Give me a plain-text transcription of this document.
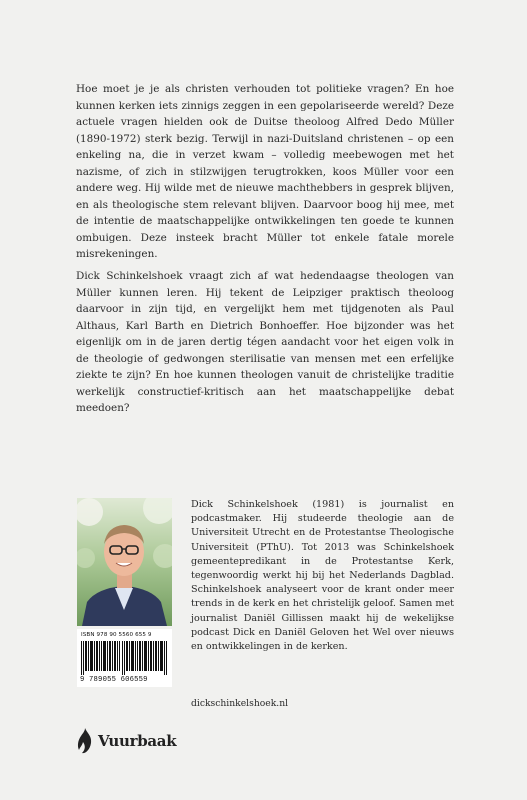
Hoe moet je je als christen verhouden tot politieke vragen? En hoe kunnen kerken iets zinnigs zeggen in een gepolariseerde wereld? Deze actuele vragen hielden ook de Duitse theoloog Alfred Dedo Müller (1890-1972) sterk bezig. Terwijl in nazi-Duitsland christenen – op een enkeling na, die in verzet kwam – volledig meebewogen met het nazisme, of zich in stilzwijgen terugtrokken, koos Müller voor een andere weg. Hij wilde met de nieuwe machthebbers in gesprek blijven, en als theologische stem relevant blijven. Daarvoor boog hij mee, met de intentie de maatschappelijke ontwikkelingen ten goede te kunnen ombuigen. Deze insteek bracht Müller tot enkele fatale morele misrekeningen.

Dick Schinkelshoek vraagt zich af wat hedendaagse theologen van Müller kunnen leren. Hij tekent de Leipziger praktisch theoloog daarvoor in zijn tijd, en vergelijkt hem met tijdgenoten als Paul Althaus, Karl Barth en Dietrich Bonhoeffer. Hoe bijzonder was het eigenlijk om in de jaren dertig tégen aandacht voor het eigen volk in de theologie of gedwongen sterilisatie van mensen met een erfelijke ziekte te zijn? En hoe kunnen theologen vanuit de christelijke traditie werkelijk constructief-kritisch aan het maatschappelijke debat meedoen?

ISBN 978 90 5560 655 9
9 789055 606559

Dick Schinkelshoek (1981) is journalist en podcastmaker. Hij studeerde theologie aan de Universiteit Utrecht en de Protestantse Theologische Universiteit (PThU). Tot 2013 was Schinkelshoek gemeentepredikant in de Protestantse Kerk, tegenwoordig werkt hij bij het Nederlands Dagblad. Schinkelshoek analyseert voor de krant onder meer trends in de kerk en het christelijk geloof. Samen met journalist Daniël Gillissen maakt hij de wekelijkse podcast Dick en Daniël Geloven het Wel over nieuws en ontwikkelingen in de kerken.

dickschinkelshoek.nl
Vuurbaak
